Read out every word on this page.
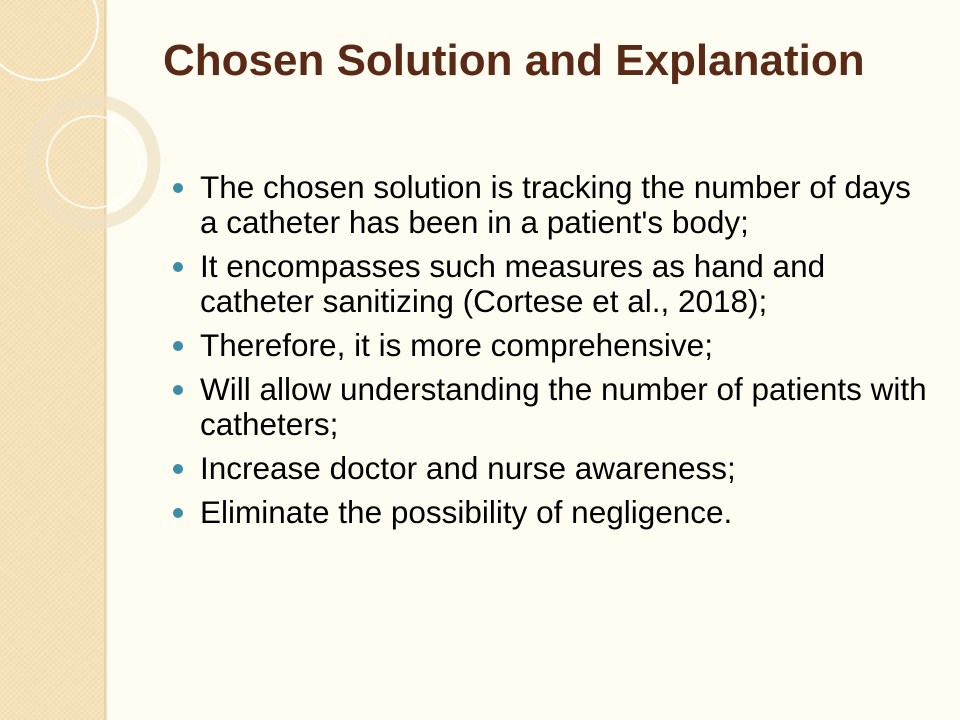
Chosen Solution and Explanation
The chosen solution is tracking the number of days a catheter has been in a patient's body;
It encompasses such measures as hand and catheter sanitizing (Cortese et al., 2018);
Therefore, it is more comprehensive;
Will allow understanding the number of patients with catheters;
Increase doctor and nurse awareness;
Eliminate the possibility of negligence.
